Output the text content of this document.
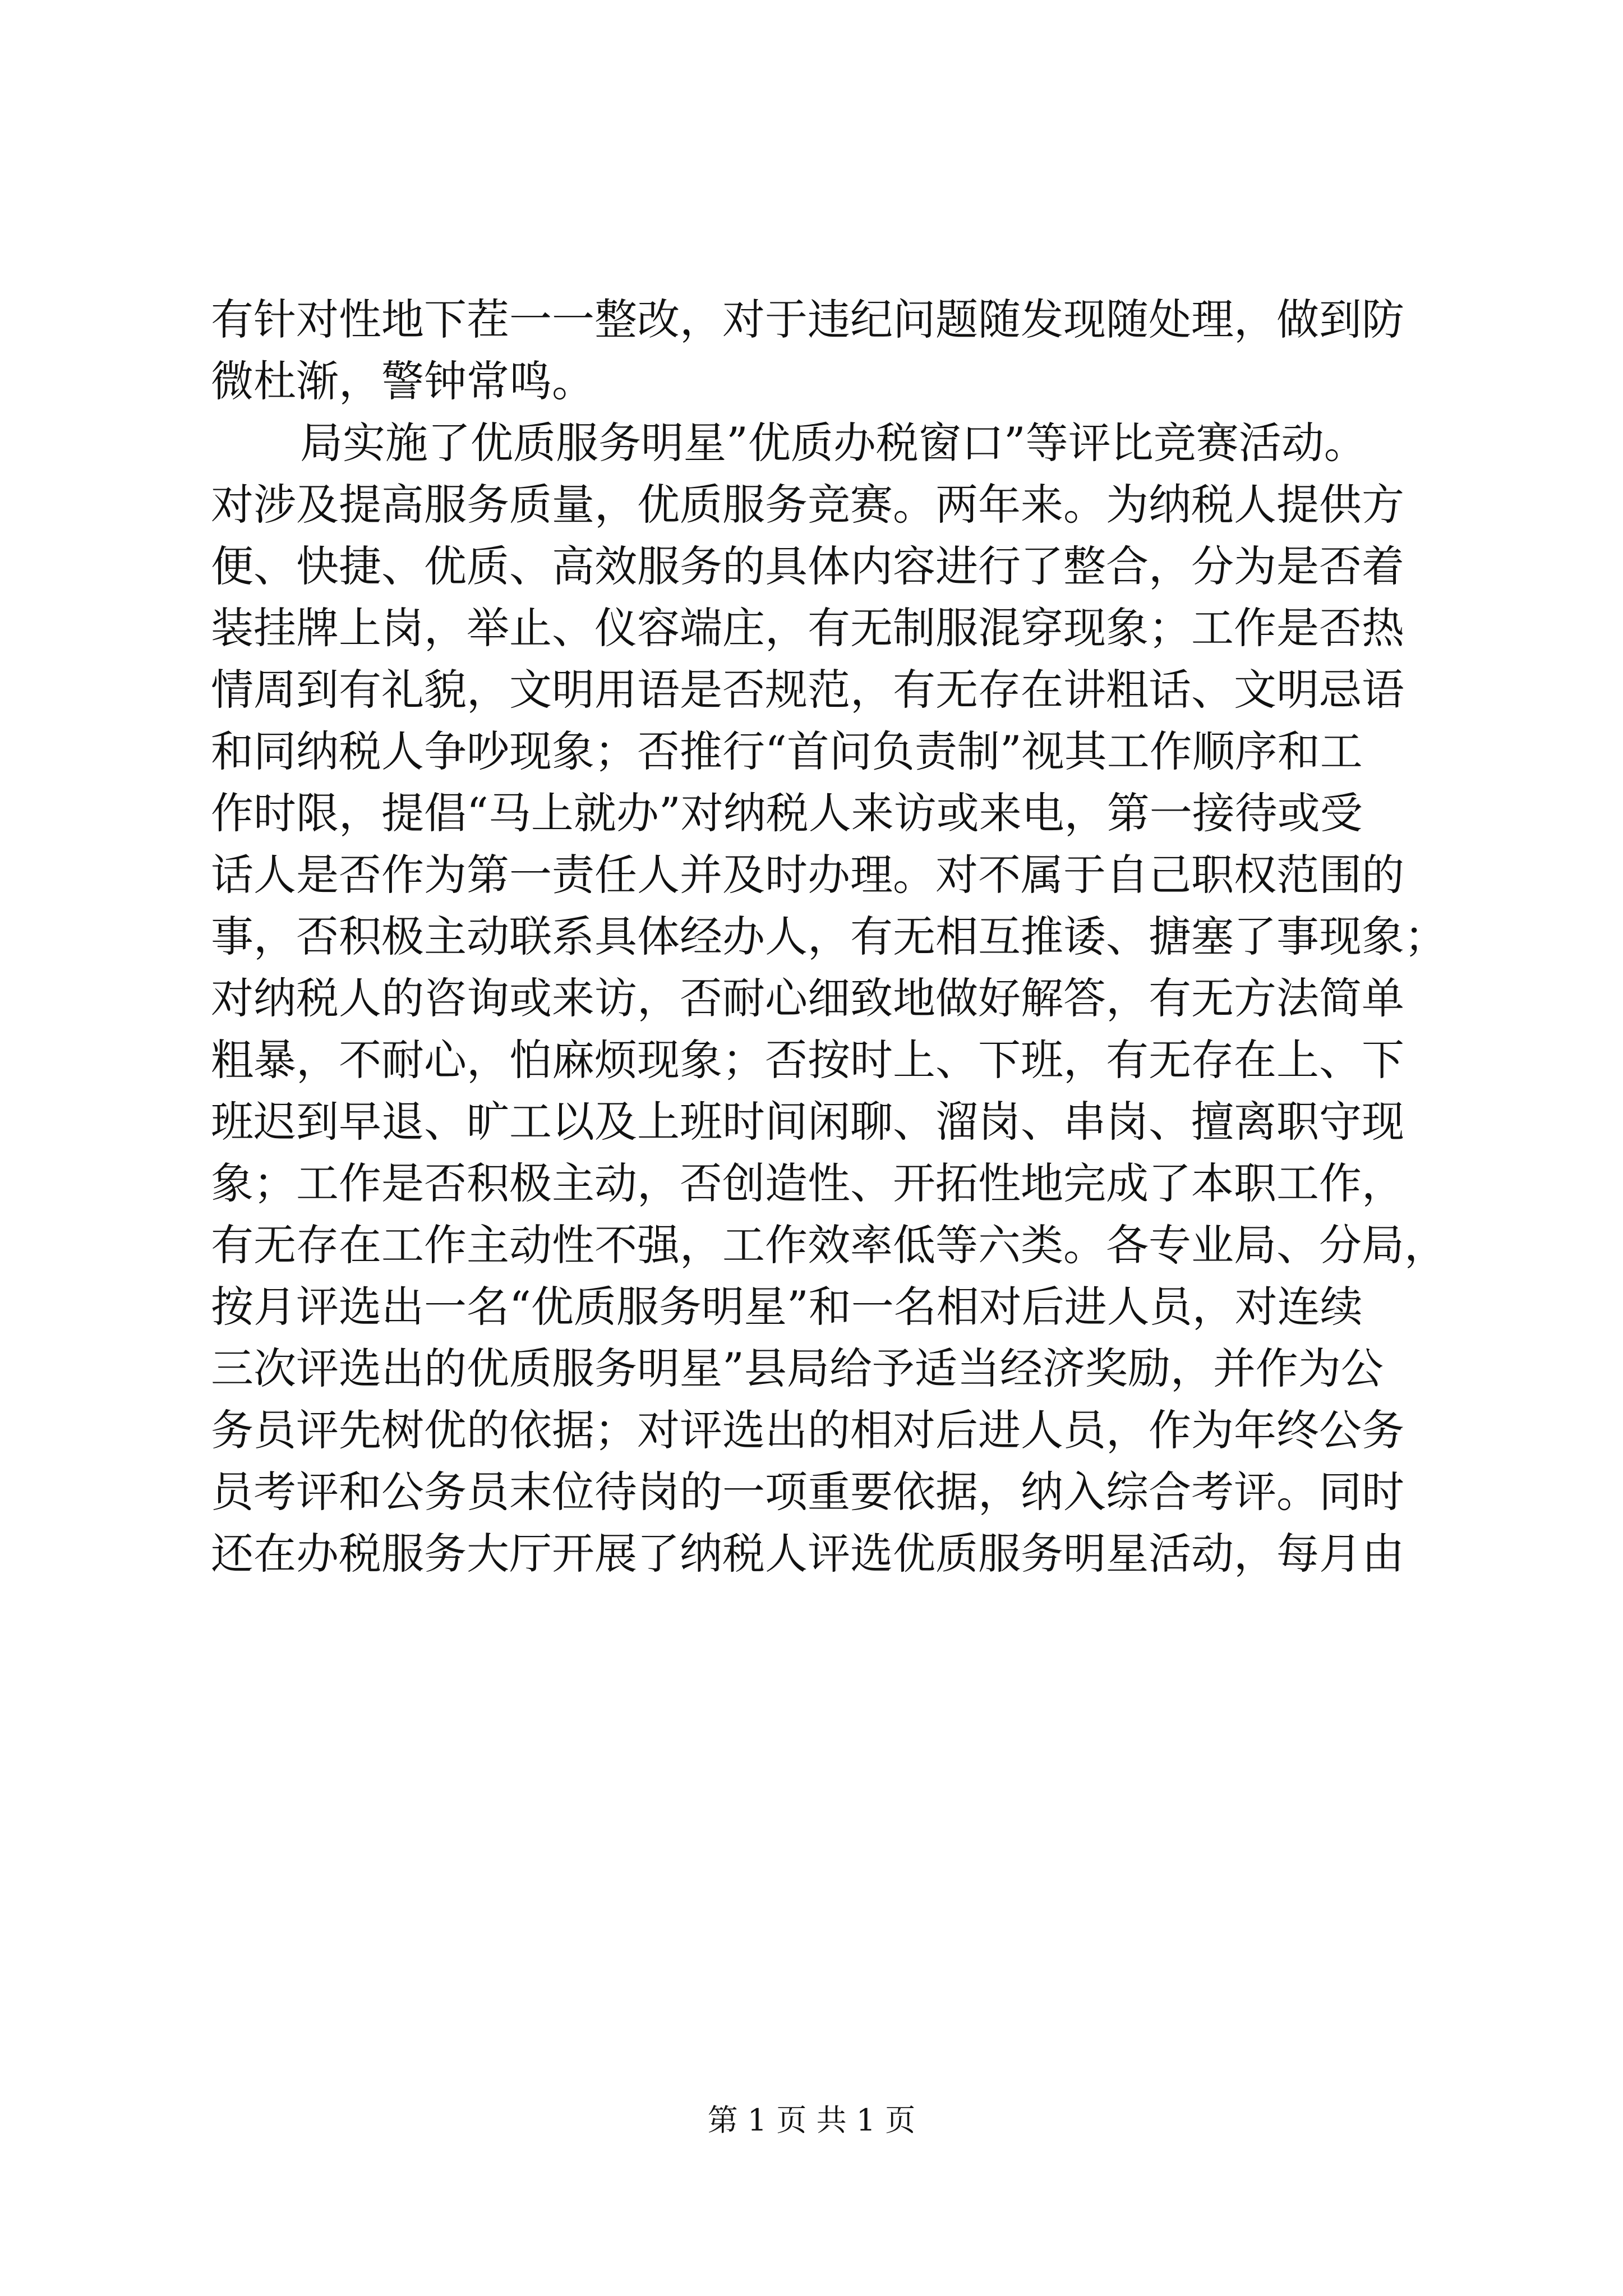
有针对性地下茬一一整改，对于违纪问题随发现随处理，做到防
微杜渐，警钟常鸣。
局实施了优质服务明星”优质办税窗口”等评比竞赛活动。
对涉及提高服务质量，优质服务竞赛。两年来。为纳税人提供方
便、快捷、优质、高效服务的具体内容进行了整合，分为是否着
装挂牌上岗，举止、仪容端庄，有无制服混穿现象；工作是否热
情周到有礼貌，文明用语是否规范，有无存在讲粗话、文明忌语
和同纳税人争吵现象；否推行“首问负责制”视其工作顺序和工
作时限，提倡“马上就办”对纳税人来访或来电，第一接待或受
话人是否作为第一责任人并及时办理。对不属于自己职权范围的
事，否积极主动联系具体经办人，有无相互推诿、搪塞了事现象；
对纳税人的咨询或来访，否耐心细致地做好解答，有无方法简单
粗暴，不耐心，怕麻烦现象；否按时上、下班，有无存在上、下
班迟到早退、旷工以及上班时间闲聊、溜岗、串岗、擅离职守现
象；工作是否积极主动，否创造性、开拓性地完成了本职工作，
有无存在工作主动性不强，工作效率低等六类。各专业局、分局，
按月评选出一名“优质服务明星”和一名相对后进人员，对连续
三次评选出的优质服务明星”县局给予适当经济奖励，并作为公
务员评先树优的依据；对评选出的相对后进人员，作为年终公务
员考评和公务员末位待岗的一项重要依据，纳入综合考评。同时
还在办税服务大厅开展了纳税人评选优质服务明星活动，每月由
第 1 页 共 1 页
